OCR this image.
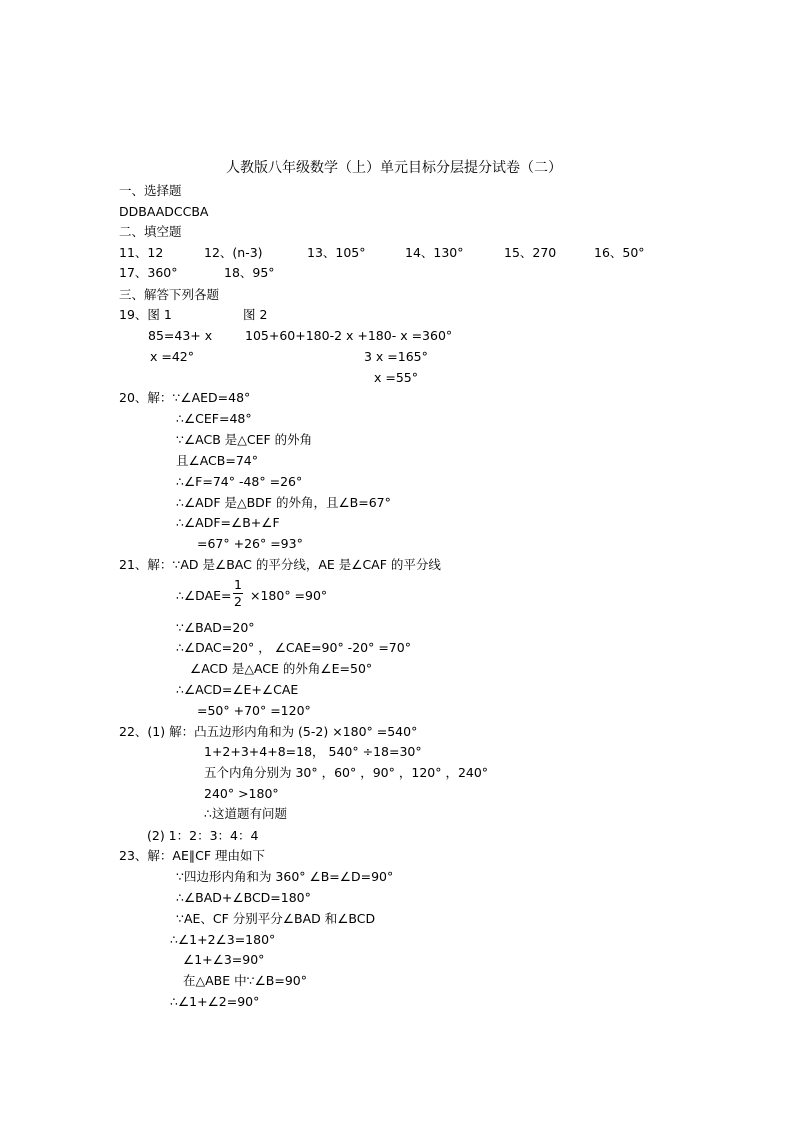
人教版八年级数学（上）单元目标分层提分试卷（二）
一、选择题
DDBAADCCBA
二、填空题
11、12	12、(n-3)	13、105°	14、130°	15、270	16、50°
17、360°	18、95°
三、解答下列各题
19、图 1	图 2
85=43+ x	105+60+180-2 x +180- x =360°
x =42°	3 x =165°
x =55°
20、解：∵∠AED=48°
∴∠CEF=48°
∵∠ACB 是△CEF 的外角
且∠ACB=74°
∴∠F=74° -48° =26°
∴∠ADF 是△BDF 的外角，且∠B=67°
∴∠ADF=∠B+∠F
=67° +26° =93°
21、解：∵AD 是∠BAC 的平分线，AE 是∠CAF 的平分线
∴∠DAE=
1
2 ×180° =90°
∵∠BAD=20°
∴∠DAC=20° ， ∠CAE=90° -20° =70°
∠ACD 是△ACE 的外角∠E=50°
∴∠ACD=∠E+∠CAE
=50° +70° =120°
22、(1) 解：凸五边形内角和为 (5-2) ×180° =540°
1+2+3+4+8=18， 540° ÷18=30°
五个内角分别为 30° ，60° ，90° ，120° ，240°
240° >180°
∴这道题有问题
(2) 1：2：3：4：4
23、解：AE∥CF 理由如下
∵四边形内角和为 360° ∠B=∠D=90°
∴∠BAD+∠BCD=180°
∵AE、CF 分别平分∠BAD 和∠BCD
∴∠1+2∠3=180°
∠1+∠3=90°
在△ABE 中∵∠B=90°
∴∠1+∠2=90°
